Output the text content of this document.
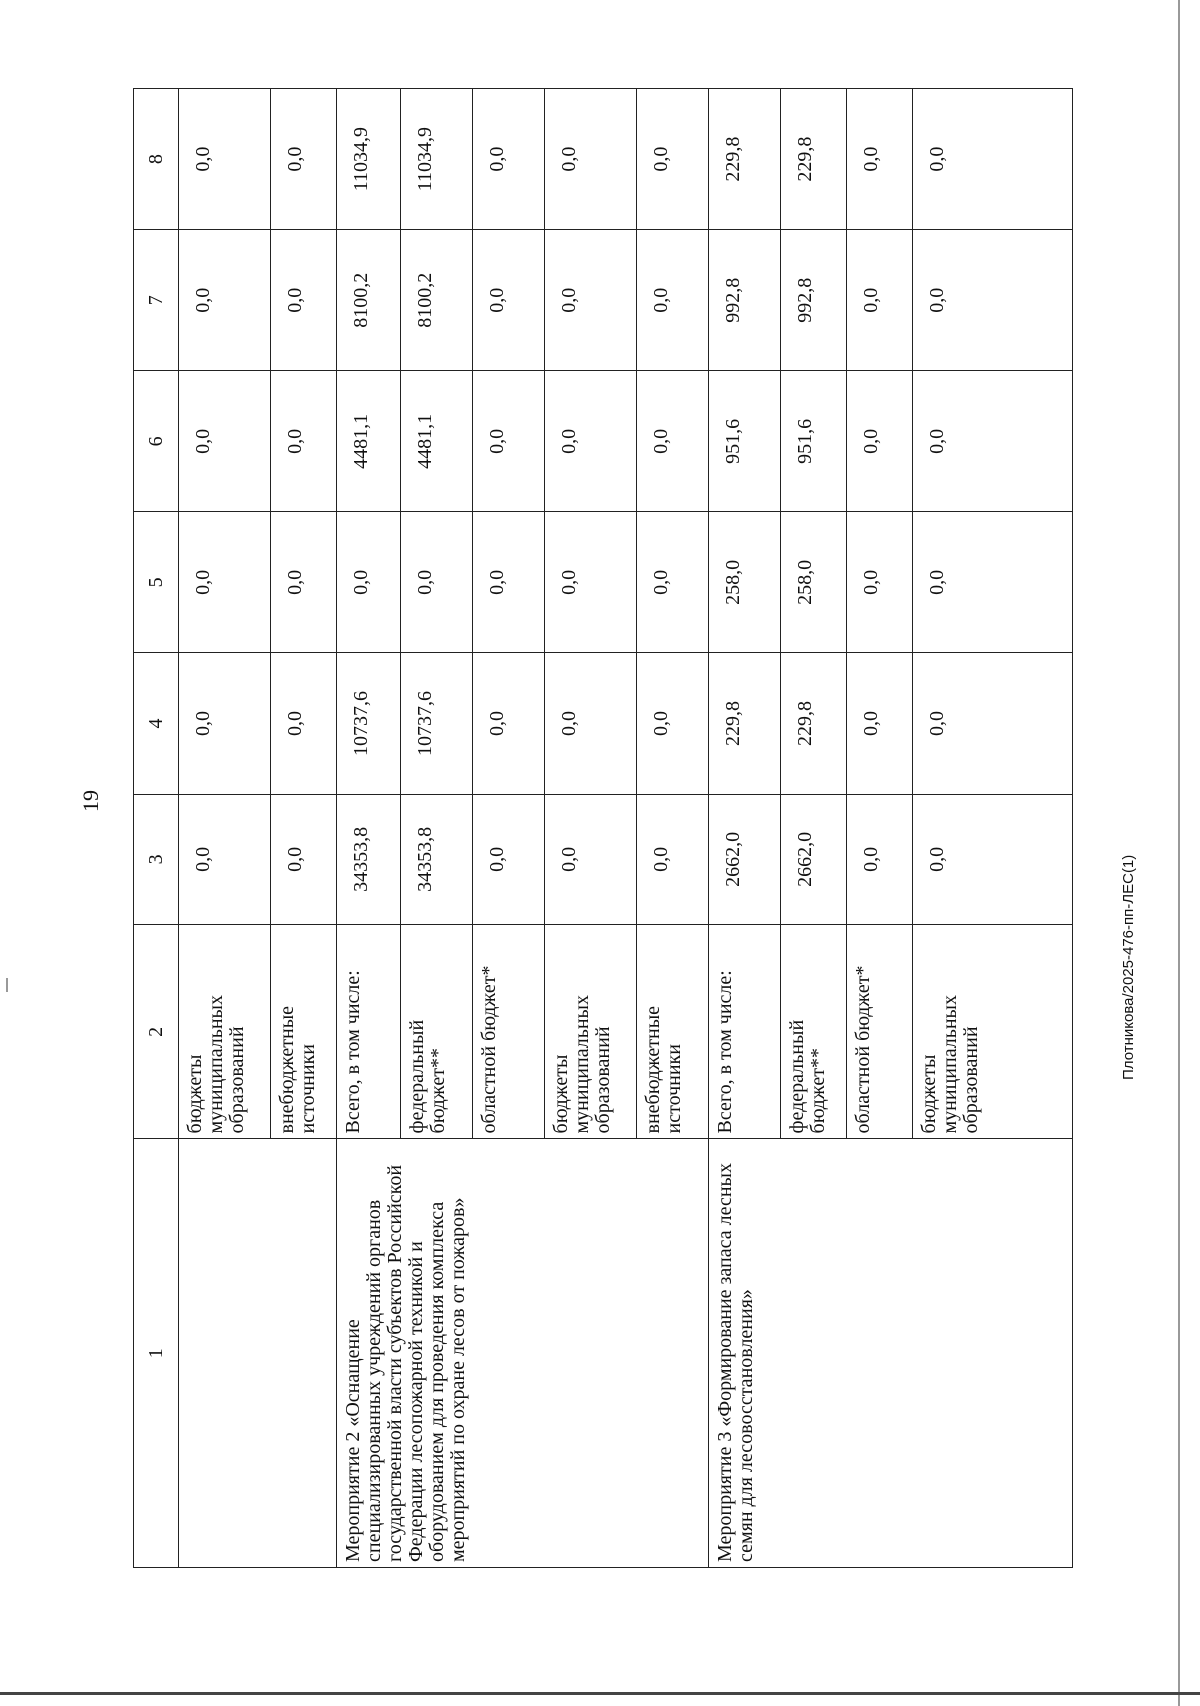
19
1	2	3	4	5	6	7	8
	бюджеты муниципальных образований	0,0	0,0	0,0	0,0	0,0	0,0
	внебюджетные источники	0,0	0,0	0,0	0,0	0,0	0,0
Мероприятие 2 «Оснащение специализированных учреждений органов государственной власти субъектов Российской Федерации лесопожарной техникой и оборудованием для проведения комплекса мероприятий по охране лесов от пожаров»	Всего, в том числе:	34353,8	10737,6	0,0	4481,1	8100,2	11034,9
	федеральный бюджет**	34353,8	10737,6	0,0	4481,1	8100,2	11034,9
	областной бюджет*	0,0	0,0	0,0	0,0	0,0	0,0
	бюджеты муниципальных образований	0,0	0,0	0,0	0,0	0,0	0,0
	внебюджетные источники	0,0	0,0	0,0	0,0	0,0	0,0
Мероприятие 3 «Формирование запаса лесных семян для лесовосстановления»	Всего, в том числе:	2662,0	229,8	258,0	951,6	992,8	229,8
	федеральный бюджет**	2662,0	229,8	258,0	951,6	992,8	229,8
	областной бюджет*	0,0	0,0	0,0	0,0	0,0	0,0
	бюджеты муниципальных образований	0,0	0,0	0,0	0,0	0,0	0,0
Плотникова/2025-476-пп-ЛЕС(1)
